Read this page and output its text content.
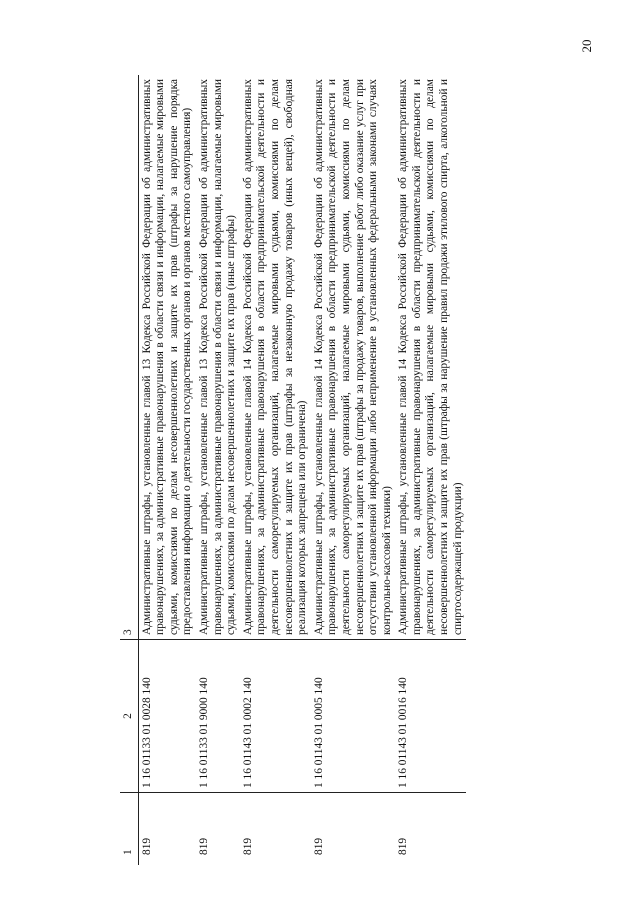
20
1	2	3
819	1 16 01133 01 0028 140	Административные штрафы, установленные главой 13 Кодекса Российской Федерации об административных правонарушениях, за административные правонарушения в области связи и информации, налагаемые мировыми судьями, комиссиями по делам несовершеннолетних и защите их прав (штрафы за нарушение порядка предоставления информации о деятельности государственных органов и органов местного самоуправления)
819	1 16 01133 01 9000 140	Административные штрафы, установленные главой 13 Кодекса Российской Федерации об административных правонарушениях, за административные правонарушения в области связи и информации, налагаемые мировыми судьями, комиссиями по делам несовершеннолетних и защите их прав (иные штрафы)
819	1 16 01143 01 0002 140	Административные штрафы, установленные главой 14 Кодекса Российской Федерации об административных правонарушениях, за административные правонарушения в области предпринимательской деятельности и деятельности саморегулируемых организаций, налагаемые мировыми судьями, комиссиями по делам несовершеннолетних и защите их прав (штрафы за незаконную продажу товаров (иных вещей), свободная реализация которых запрещена или ограничена)
819	1 16 01143 01 0005 140	Административные штрафы, установленные главой 14 Кодекса Российской Федерации об административных правонарушениях, за административные правонарушения в области предпринимательской деятельности и деятельности саморегулируемых организаций, налагаемые мировыми судьями, комиссиями по делам несовершеннолетних и защите их прав (штрафы за продажу товаров, выполнение работ либо оказание услуг при отсутствии установленной информации либо неприменение в установленных федеральными законами случаях контрольно-кассовой техники)
819	1 16 01143 01 0016 140	Административные штрафы, установленные главой 14 Кодекса Российской Федерации об административных правонарушениях, за административные правонарушения в области предпринимательской деятельности и деятельности саморегулируемых организаций, налагаемые мировыми судьями, комиссиями по делам несовершеннолетних и защите их прав (штрафы за нарушение правил продажи этилового спирта, алкогольной и спиртосодержащей продукции)
